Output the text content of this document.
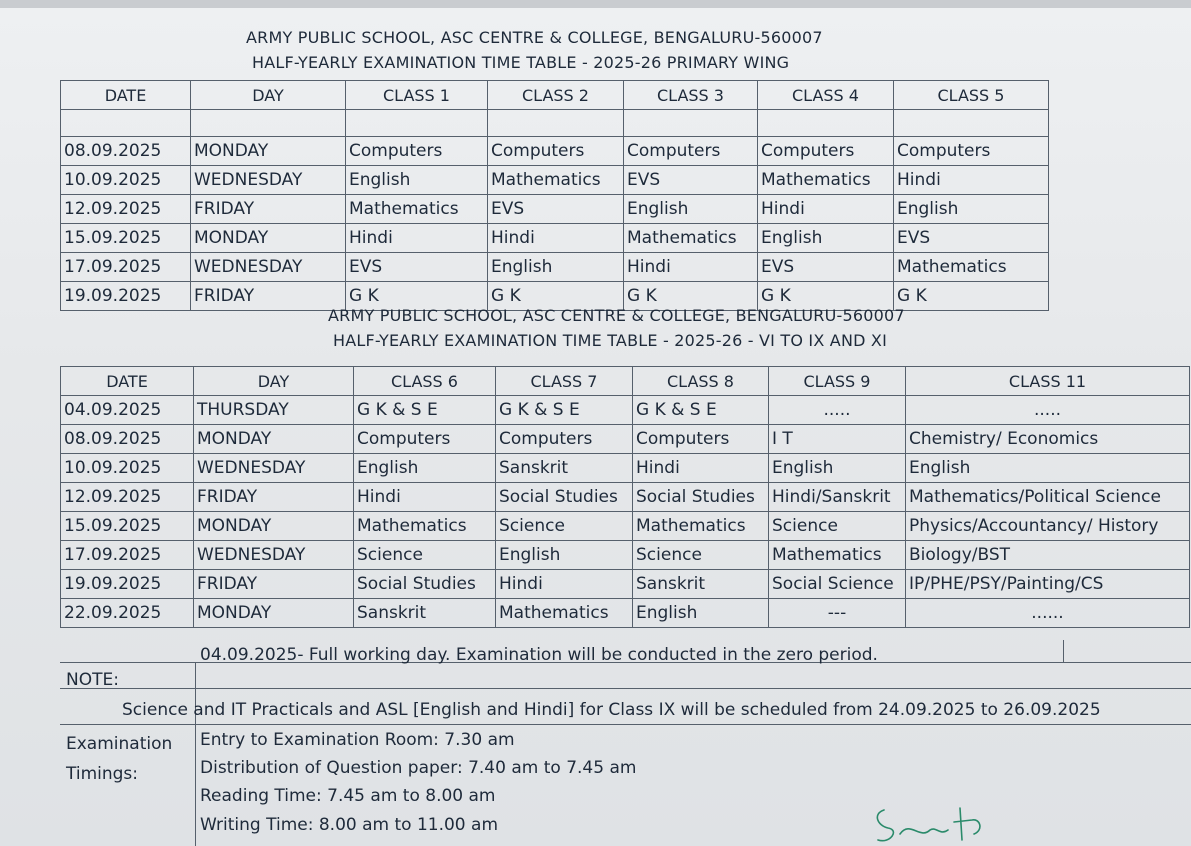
ARMY PUBLIC SCHOOL, ASC CENTRE & COLLEGE, BENGALURU-560007
HALF-YEARLY EXAMINATION TIME TABLE - 2025-26 PRIMARY WING
DATE	DAY	CLASS 1	CLASS 2	CLASS 3	CLASS 4	CLASS 5

08.09.2025	MONDAY	Computers	Computers	Computers	Computers	Computers
10.09.2025	WEDNESDAY	English	Mathematics	EVS	Mathematics	Hindi
12.09.2025	FRIDAY	Mathematics	EVS	English	Hindi	English
15.09.2025	MONDAY	Hindi	Hindi	Mathematics	English	EVS
17.09.2025	WEDNESDAY	EVS	English	Hindi	EVS	Mathematics
19.09.2025	FRIDAY	G K	G K	G K	G K	G K
ARMY PUBLIC SCHOOL, ASC CENTRE & COLLEGE, BENGALURU-560007
HALF-YEARLY EXAMINATION TIME TABLE - 2025-26 - VI TO IX AND XI
DATE	DAY	CLASS 6	CLASS 7	CLASS 8	CLASS 9	CLASS 11
04.09.2025	THURSDAY	G K & S E	G K & S E	G K & S E	.....	.....
08.09.2025	MONDAY	Computers	Computers	Computers	I T	Chemistry/ Economics
10.09.2025	WEDNESDAY	English	Sanskrit	Hindi	English	English
12.09.2025	FRIDAY	Hindi	Social Studies	Social Studies	Hindi/Sanskrit	Mathematics/Political Science
15.09.2025	MONDAY	Mathematics	Science	Mathematics	Science	Physics/Accountancy/ History
17.09.2025	WEDNESDAY	Science	English	Science	Mathematics	Biology/BST
19.09.2025	FRIDAY	Social Studies	Hindi	Sanskrit	Social Science	IP/PHE/PSY/Painting/CS
22.09.2025	MONDAY	Sanskrit	Mathematics	English	---	......
NOTE:
04.09.2025- Full working day. Examination will be conducted in the zero period.
Science and IT Practicals and ASL [English and Hindi] for Class IX will be scheduled from 24.09.2025 to 26.09.2025
Examination
Timings:
Entry to Examination Room: 7.30 am
Distribution of Question paper: 7.40 am to 7.45 am
Reading Time: 7.45 am to 8.00 am
Writing Time: 8.00 am to 11.00 am
